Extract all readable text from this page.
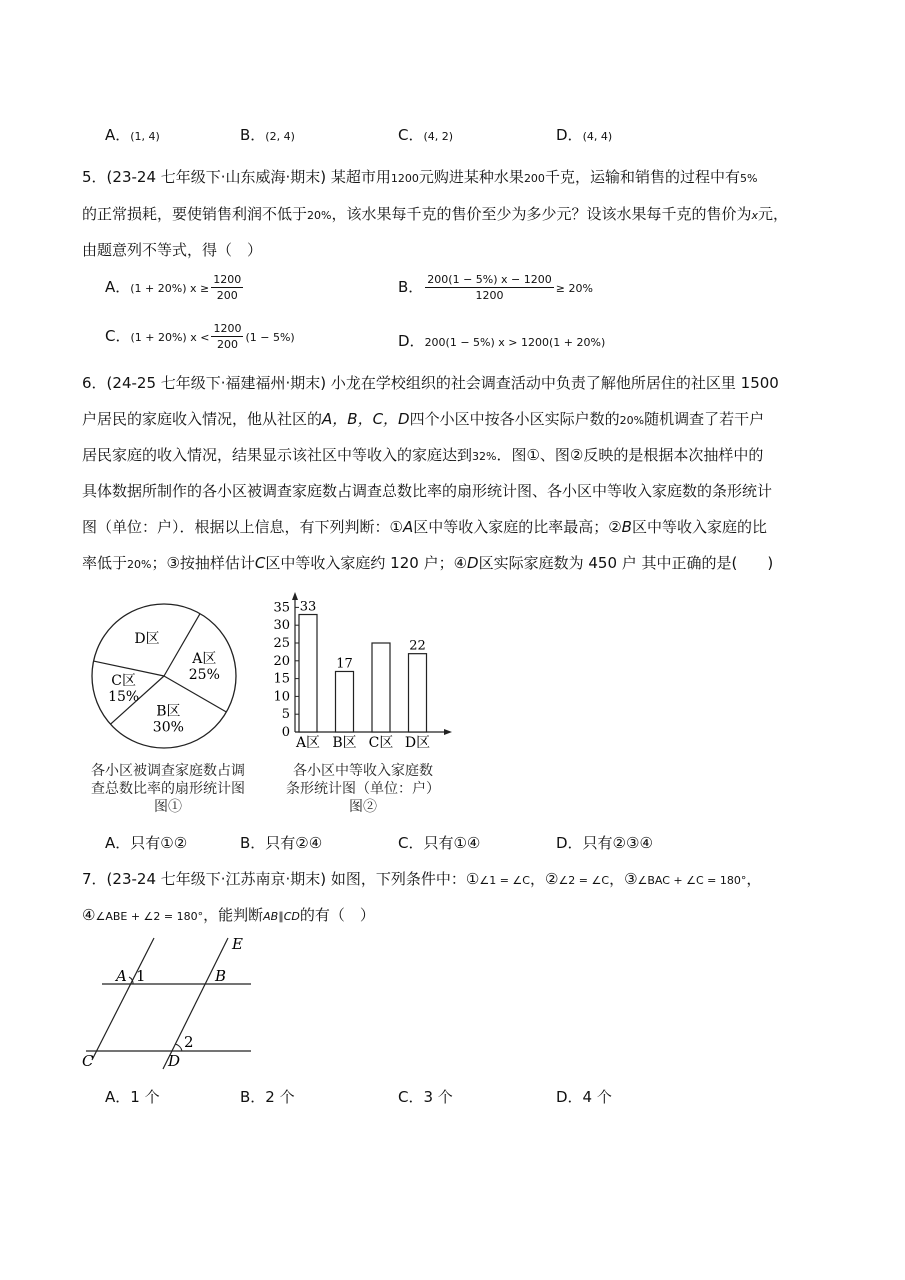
A．(1, 4)	B．(2, 4)	C．(4, 2)	D．(4, 4)
5．(23-24 七年级下·山东威海·期末) 某超市用1200元购进某种水果200千克，运输和销售的过程中有5%
的正常损耗，要使销售利润不低于20%，该水果每千克的售价至少为多少元？设该水果每千克的售价为x元，
由题意列不等式，得（　）
A．(1 + 20%) $x \ge \frac{1200}{200}$	B． $\frac{200(1 - 5\%) x - 1200}{1200} \ge 20\%$
C．(1 + 20%) $x < \frac{1200}{200} (1 - 5\%)$	D．200(1 − 5%) x > 1200(1 + 20%)
6．(24-25 七年级下·福建福州·期末) 小龙在学校组织的社会调查活动中负责了解他所居住的社区里 1500
户居民的家庭收入情况，他从社区的A，B，C，D四个小区中按各小区实际户数的20%随机调查了若干户
居民家庭的收入情况，结果显示该社区中等收入的家庭达到32%．图①、图②反映的是根据本次抽样中的
具体数据所制作的各小区被调查家庭数占调查总数比率的扇形统计图、各小区中等收入家庭数的条形统计
图（单位：户）．根据以上信息，有下列判断：①A区中等收入家庭的比率最高；②B区中等收入家庭的比
率低于20%；③按抽样估计C区中等收入家庭约 120 户；④D区实际家庭数为 450 户 其中正确的是(　　)
A区
25%
B区
30%
C区
15%
D区
各小区被调查家庭数占调
查总数比率的扇形统计图
图①
0
5
10
15
20
25
30
35 33
A区
17
B区 C区
22
D区
各小区中等收入家庭数
条形统计图（单位：户）
图②
A．只有①②	B．只有②④	C．只有①④	D．只有②③④
7．(23-24 七年级下·江苏南京·期末) 如图，下列条件中：①∠1 = ∠C，②∠2 = ∠C，③∠BAC + ∠C = 180°，
④∠ABE + ∠2 = 180°，能判断AB∥CD的有（　）
A 1	B
E
C	D
2
A．1 个	B．2 个	C．3 个	D．4 个
